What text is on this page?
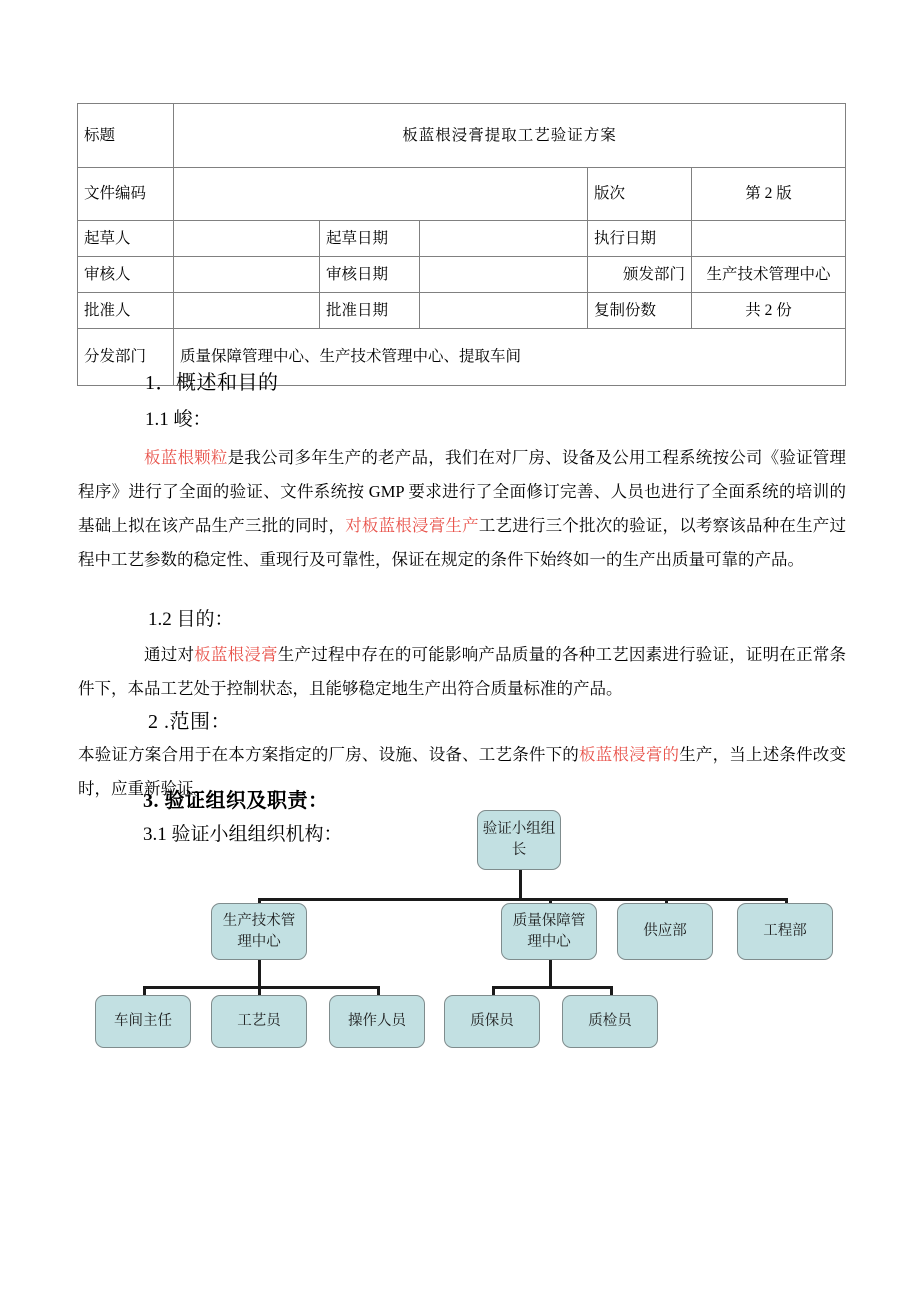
标题	板蓝根浸膏提取工艺验证方案				
文件编码				版次	第 2 版
起草人		起草日期		执行日期	
审核人		审核日期		颁发部门	生产技术管理中心
批准人		批准日期		复制份数	共 2 份
分发部门	质量保障管理中心、生产技术管理中心、提取车间				
1．概述和目的
1.1 峻：
板蓝根颗粒是我公司多年生产的老产品，我们在对厂房、设备及公用工程系统按公司《验证管理程序》进行了全面的验证、文件系统按 GMP 要求进行了全面修订完善、人员也进行了全面系统的培训的基础上拟在该产品生产三批的同时，对板蓝根浸膏生产工艺进行三个批次的验证，以考察该品种在生产过程中工艺参数的稳定性、重现行及可靠性，保证在规定的条件下始终如一的生产出质量可靠的产品。
1.2 目的：
通过对板蓝根浸膏生产过程中存在的可能影响产品质量的各种工艺因素进行验证，证明在正常条件下，本品工艺处于控制状态，且能够稳定地生产出符合质量标准的产品。
2 .范围：
本验证方案合用于在本方案指定的厂房、设施、设备、工艺条件下的板蓝根浸膏的生产，当上述条件改变时，应重新验证。
3. 验证组织及职责：
3.1 验证小组组织机构：	验证小组组长
生产技术管理中心
质量保障管理中心
供应部	工程部
车间主任	工艺员	操作人员	质保员	质检员
